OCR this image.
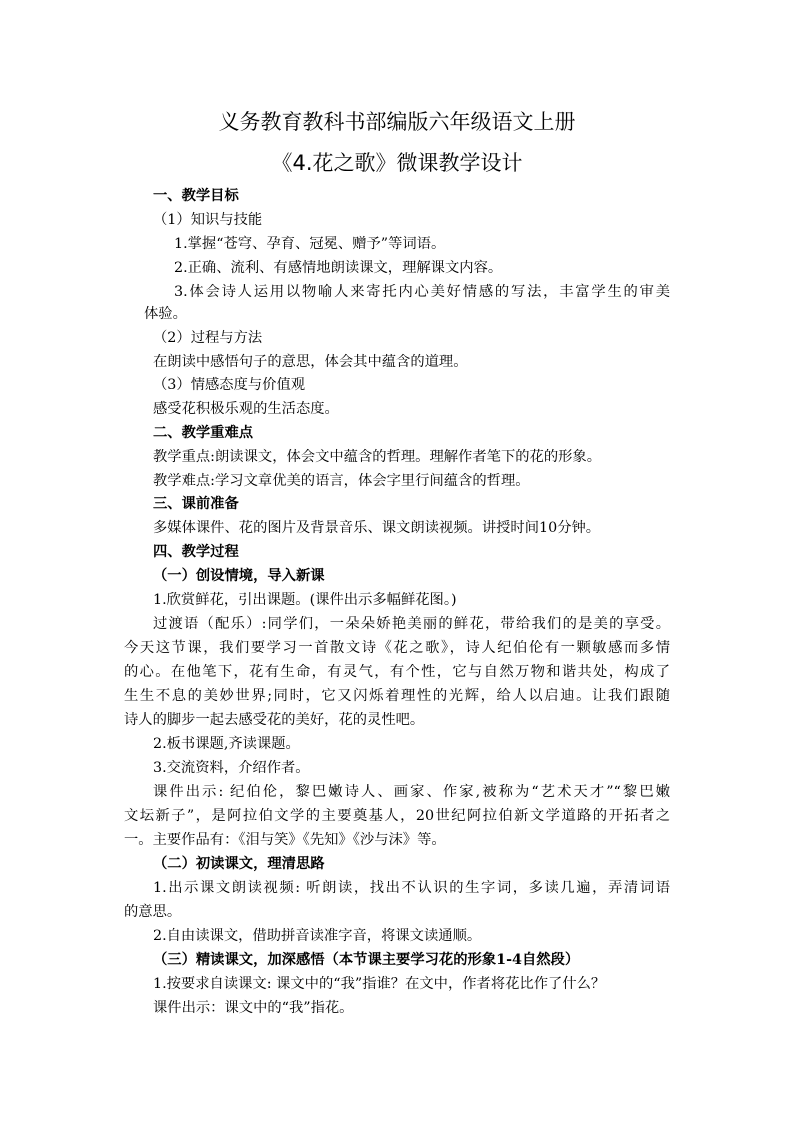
义务教育教科书部编版六年级语文上册
《4.花之歌》微课教学设计
一、教学目标
（1）知识与技能
1.掌握“苍穹、孕育、冠冕、赠予”等词语。
2.正确、流利、有感情地朗读课文，理解课文内容。
3.体会诗人运用以物喻人来寄托内心美好情感的写法，丰富学生的审美
体验。
（2）过程与方法
在朗读中感悟句子的意思，体会其中蕴含的道理。
（3）情感态度与价值观
感受花积极乐观的生活态度。
二、教学重难点
教学重点:朗读课文，体会文中蕴含的哲理。理解作者笔下的花的形象。
教学难点:学习文章优美的语言，体会字里行间蕴含的哲理。
三、课前准备
多媒体课件、花的图片及背景音乐、课文朗读视频。讲授时间10分钟。
四、教学过程
（一）创设情境，导入新课
1.欣赏鲜花，引出课题。(课件出示多幅鲜花图。)
过渡语（配乐）:同学们，一朵朵娇艳美丽的鲜花，带给我们的是美的享受。
今天这节课，我们要学习一首散文诗《花之歌》，诗人纪伯伦有一颗敏感而多情
的心。在他笔下，花有生命，有灵气，有个性，它与自然万物和谐共处，构成了
生生不息的美妙世界;同时，它又闪烁着理性的光辉，给人以启迪。让我们跟随
诗人的脚步一起去感受花的美好，花的灵性吧。
2.板书课题,齐读课题。
3.交流资料，介绍作者。
课件出示: 纪伯伦，黎巴嫩诗人、画家、作家,被称为“艺术天才”“黎巴嫩
文坛新子”，是阿拉伯文学的主要奠基人，20世纪阿拉伯新文学道路的开拓者之
一。主要作品有：《泪与笑》《先知》《沙与沫》等。
（二）初读课文，理清思路
1.出示课文朗读视频: 听朗读，找出不认识的生字词，多读几遍，弄清词语
的意思。
2.自由读课文，借助拼音读准字音，将课文读通顺。
（三）精读课文，加深感悟（本节课主要学习花的形象1-4自然段）
1.按要求自读课文: 课文中的“我”指谁？在文中，作者将花比作了什么？
课件出示：课文中的“我”指花。
